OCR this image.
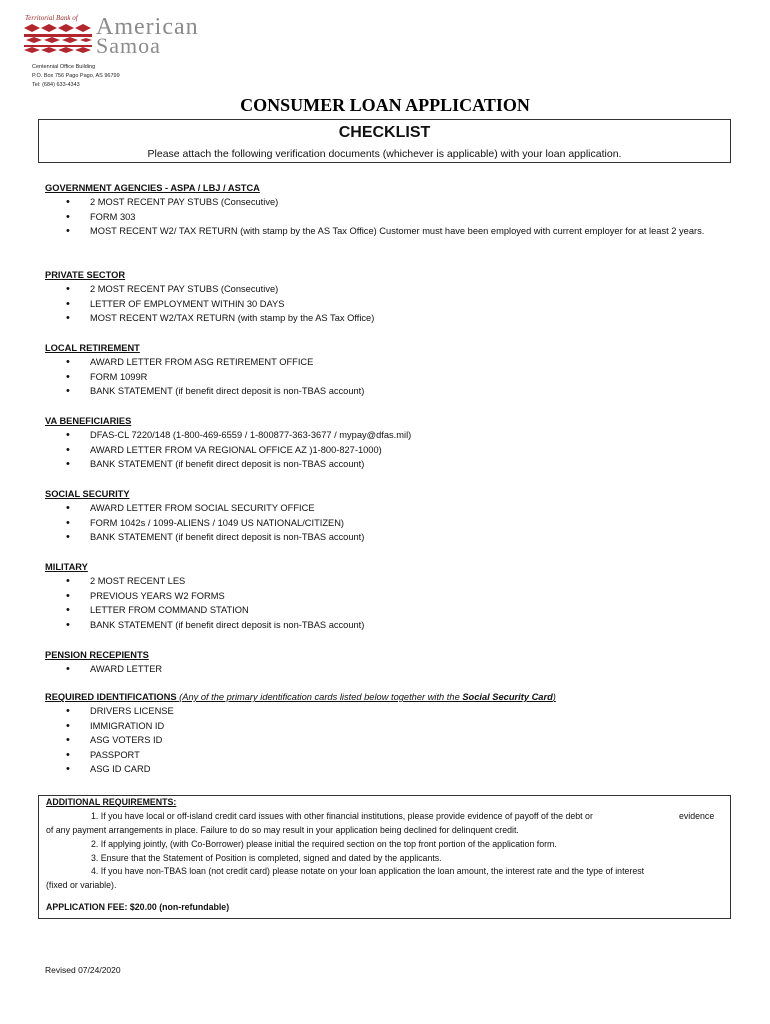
Territorial Bank of American
Samoa
Centennial Office Building
P.O. Box 756 Pago Pago, AS 96799
Tel: (684) 633-4343
CONSUMER LOAN APPLICATION
CHECKLIST
Please attach the following verification documents (whichever is applicable) with your loan application.
GOVERNMENT AGENCIES - ASPA / LBJ / ASTCA
• 2 MOST RECENT PAY STUBS (Consecutive)
• FORM 303
• MOST RECENT W2/ TAX RETURN (with stamp by the AS Tax Office) Customer must have been employed with current employer for at least 2 years.
PRIVATE SECTOR
• 2 MOST RECENT PAY STUBS (Consecutive)
• LETTER OF EMPLOYMENT WITHIN 30 DAYS
• MOST RECENT W2/TAX RETURN (with stamp by the AS Tax Office)
LOCAL RETIREMENT
• AWARD LETTER FROM ASG RETIREMENT OFFICE
• FORM 1099R
• BANK STATEMENT (if benefit direct deposit is non-TBAS account)
VA BENEFICIARIES
• DFAS-CL 7220/148 (1-800-469-6559 / 1-800877-363-3677 / mypay@dfas.mil)
• AWARD LETTER FROM VA REGIONAL OFFICE AZ )1-800-827-1000)
• BANK STATEMENT (if benefit direct deposit is non-TBAS account)
SOCIAL SECURITY
• AWARD LETTER FROM SOCIAL SECURITY OFFICE
• FORM 1042s / 1099-ALIENS / 1049 US NATIONAL/CITIZEN)
• BANK STATEMENT (if benefit direct deposit is non-TBAS account)
MILITARY
• 2 MOST RECENT LES
• PREVIOUS YEARS W2 FORMS
• LETTER FROM COMMAND STATION
• BANK STATEMENT (if benefit direct deposit is non-TBAS account)
PENSION RECEPIENTS
• AWARD LETTER
REQUIRED IDENTIFICATIONS (Any of the primary identification cards listed below together with the Social Security Card)
• DRIVERS LICENSE
• IMMIGRATION ID
• ASG VOTERS ID
• PASSPORT
• ASG ID CARD
ADDITIONAL REQUIREMENTS:
1. If you have local or off-island credit card issues with other financial institutions, please provide evidence of payoff of the debt or	evidence
of any payment arrangements in place. Failure to do so may result in your application being declined for delinquent credit.
2. If applying jointly, (with Co-Borrower) please initial the required section on the top front portion of the application form.
3. Ensure that the Statement of Position is completed, signed and dated by the applicants.
4. If you have non-TBAS loan (not credit card) please notate on your loan application the loan amount, the interest rate and the type of interest
(fixed or variable).
APPLICATION FEE: $20.00 (non-refundable)
Revised 07/24/2020
